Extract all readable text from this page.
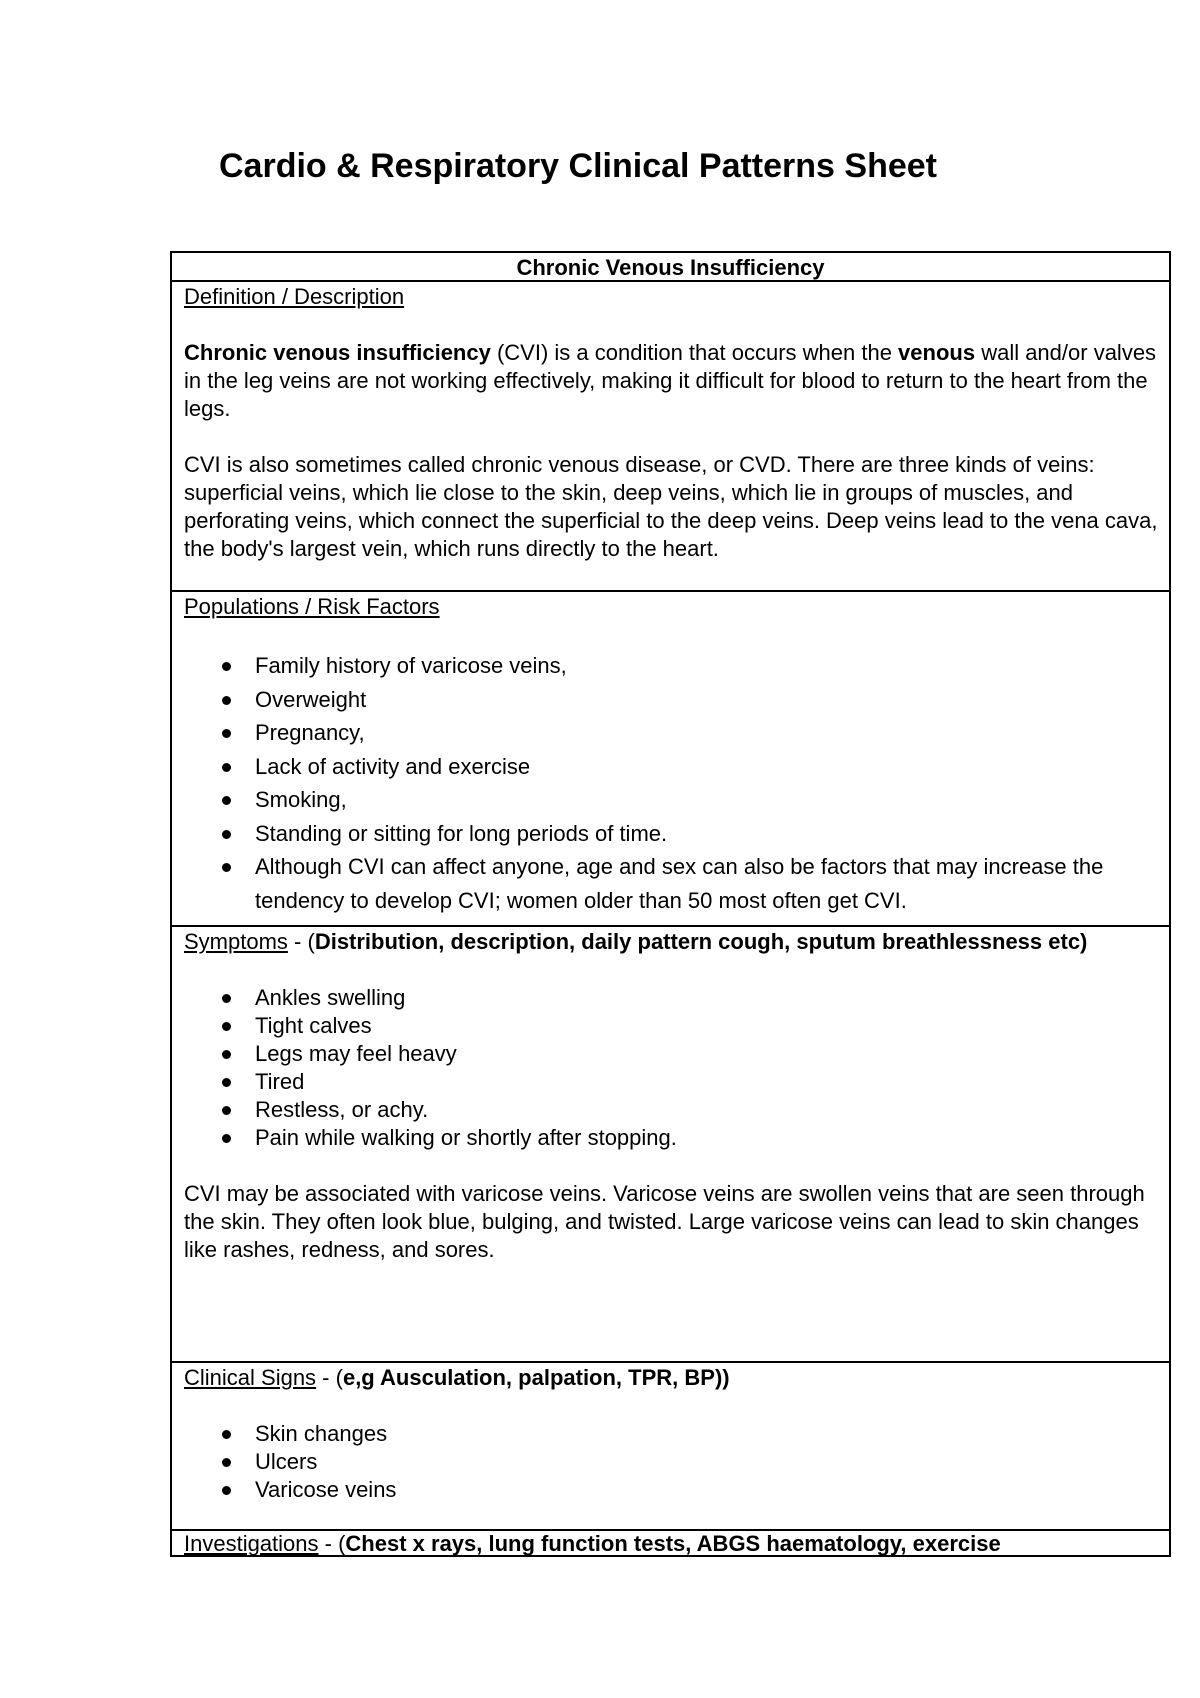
Cardio & Respiratory Clinical Patterns Sheet
Chronic Venous Insufficiency

Definition / Description

Chronic venous insufficiency (CVI) is a condition that occurs when the venous wall and/or valves in the leg veins are not working effectively, making it difficult for blood to return to the heart from the legs.

CVI is also sometimes called chronic venous disease, or CVD. There are three kinds of veins: superficial veins, which lie close to the skin, deep veins, which lie in groups of muscles, and perforating veins, which connect the superficial to the deep veins. Deep veins lead to the vena cava, the body's largest vein, which runs directly to the heart.

Populations / Risk Factors

Family history of varicose veins,
Overweight
Pregnancy,
Lack of activity and exercise
Smoking,
Standing or sitting for long periods of time.
Although CVI can affect anyone, age and sex can also be factors that may increase the tendency to develop CVI; women older than 50 most often get CVI.

Symptoms - (Distribution, description, daily pattern cough, sputum breathlessness etc)

Ankles swelling
Tight calves
Legs may feel heavy
Tired
Restless, or achy.
Pain while walking or shortly after stopping.

CVI may be associated with varicose veins. Varicose veins are swollen veins that are seen through the skin. They often look blue, bulging, and twisted. Large varicose veins can lead to skin changes like rashes, redness, and sores.

Clinical Signs - (e,g Ausculation, palpation, TPR, BP))

Skin changes
Ulcers
Varicose veins

Investigations - (Chest x rays, lung function tests, ABGS haematology, exercise
